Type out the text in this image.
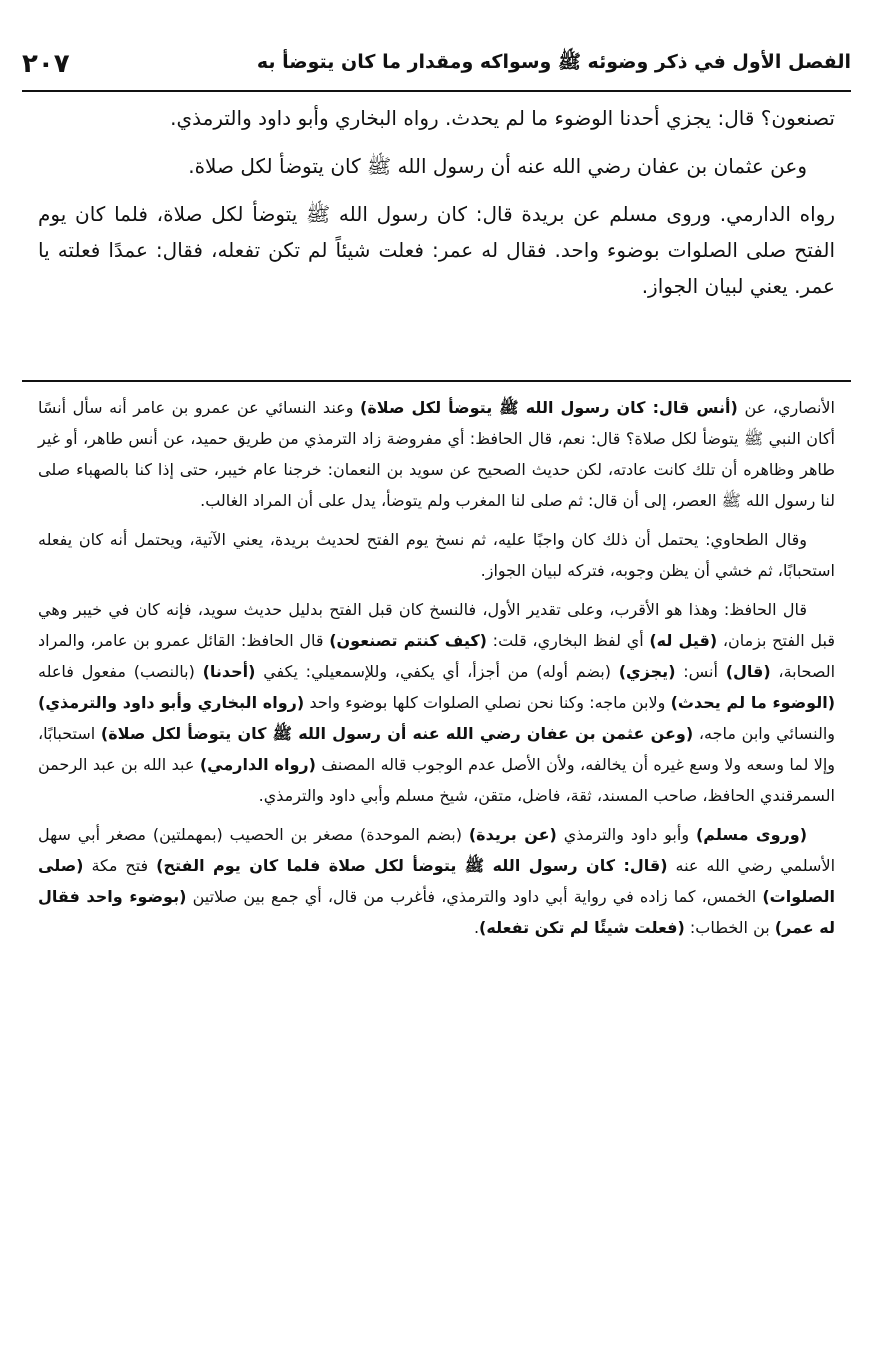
الفصل الأول في ذكر وضوئه ﷺ وسواكه ومقدار ما كان يتوضأ به
٢٠٧

تصنعون؟ قال: يجزي أحدنا الوضوء ما لم يحدث. رواه البخاري وأبو داود والترمذي.

وعن عثمان بن عفان رضي الله عنه أن رسول الله ﷺ كان يتوضأ لكل صلاة.

رواه الدارمي. وروى مسلم عن بريدة قال: كان رسول الله ﷺ يتوضأ لكل صلاة، فلما كان يوم الفتح صلى الصلوات بوضوء واحد. فقال له عمر: فعلت شيئاً لم تكن تفعله، فقال: عمدًا فعلته يا عمر. يعني لبيان الجواز.

الأنصاري، عن (أنس قال: كان رسول الله ﷺ يتوضأ لكل صلاة) وعند النسائي عن عمرو بن عامر أنه سأل أنسًا أكان النبي ﷺ يتوضأ لكل صلاة؟ قال: نعم، قال الحافظ: أي مفروضة زاد الترمذي من طريق حميد، عن أنس طاهر، أو غير طاهر وظاهره أن تلك كانت عادته، لكن حديث الصحيح عن سويد بن النعمان: خرجنا عام خيبر، حتى إذا كنا بالصهباء صلى لنا رسول الله ﷺ العصر، إلى أن قال: ثم صلى لنا المغرب ولم يتوضأ، يدل على أن المراد الغالب.

وقال الطحاوي: يحتمل أن ذلك كان واجبًا عليه، ثم نسخ يوم الفتح لحديث بريدة، يعني الآتية، ويحتمل أنه كان يفعله استحبابًا، ثم خشي أن يظن وجوبه، فتركه لبيان الجواز.

قال الحافظ: وهذا هو الأقرب، وعلى تقدير الأول، فالنسخ كان قبل الفتح بدليل حديث سويد، فإنه كان في خيبر وهي قبل الفتح بزمان، (قيل له) أي لفظ البخاري، قلت: (كيف كنتم تصنعون) قال الحافظ: القائل عمرو بن عامر، والمراد الصحابة، (قال) أنس: (يجزي) (بضم أوله) من أجزأ، أي يكفي، وللإسمعيلي: يكفي (أحدنا) (بالنصب) مفعول فاعله (الوضوء ما لم يحدث) ولابن ماجه: وكنا نحن نصلي الصلوات كلها بوضوء واحد (رواه البخاري وأبو داود والترمذي) والنسائي وابن ماجه، (وعن عثمن بن عفان رضي الله عنه أن رسول الله ﷺ كان يتوضأ لكل صلاة) استحبابًا، وإلا لما وسعه ولا وسع غيره أن يخالفه، ولأن الأصل عدم الوجوب قاله المصنف (رواه الدارمي) عبد الله بن عبد الرحمن السمرقندي الحافظ، صاحب المسند، ثقة، فاضل، متقن، شيخ مسلم وأبي داود والترمذي.

(وروى مسلم) وأبو داود والترمذي (عن بريدة) (بضم الموحدة) مصغر بن الحصيب (بمهملتين) مصغر أبي سهل الأسلمي رضي الله عنه (قال: كان رسول الله ﷺ يتوضأ لكل صلاة فلما كان يوم الفتح) فتح مكة (صلى الصلوات) الخمس، كما زاده في رواية أبي داود والترمذي، فأغرب من قال، أي جمع بين صلاتين (بوضوء واحد فقال له عمر) بن الخطاب: (فعلت شيئًا لم تكن تفعله).
